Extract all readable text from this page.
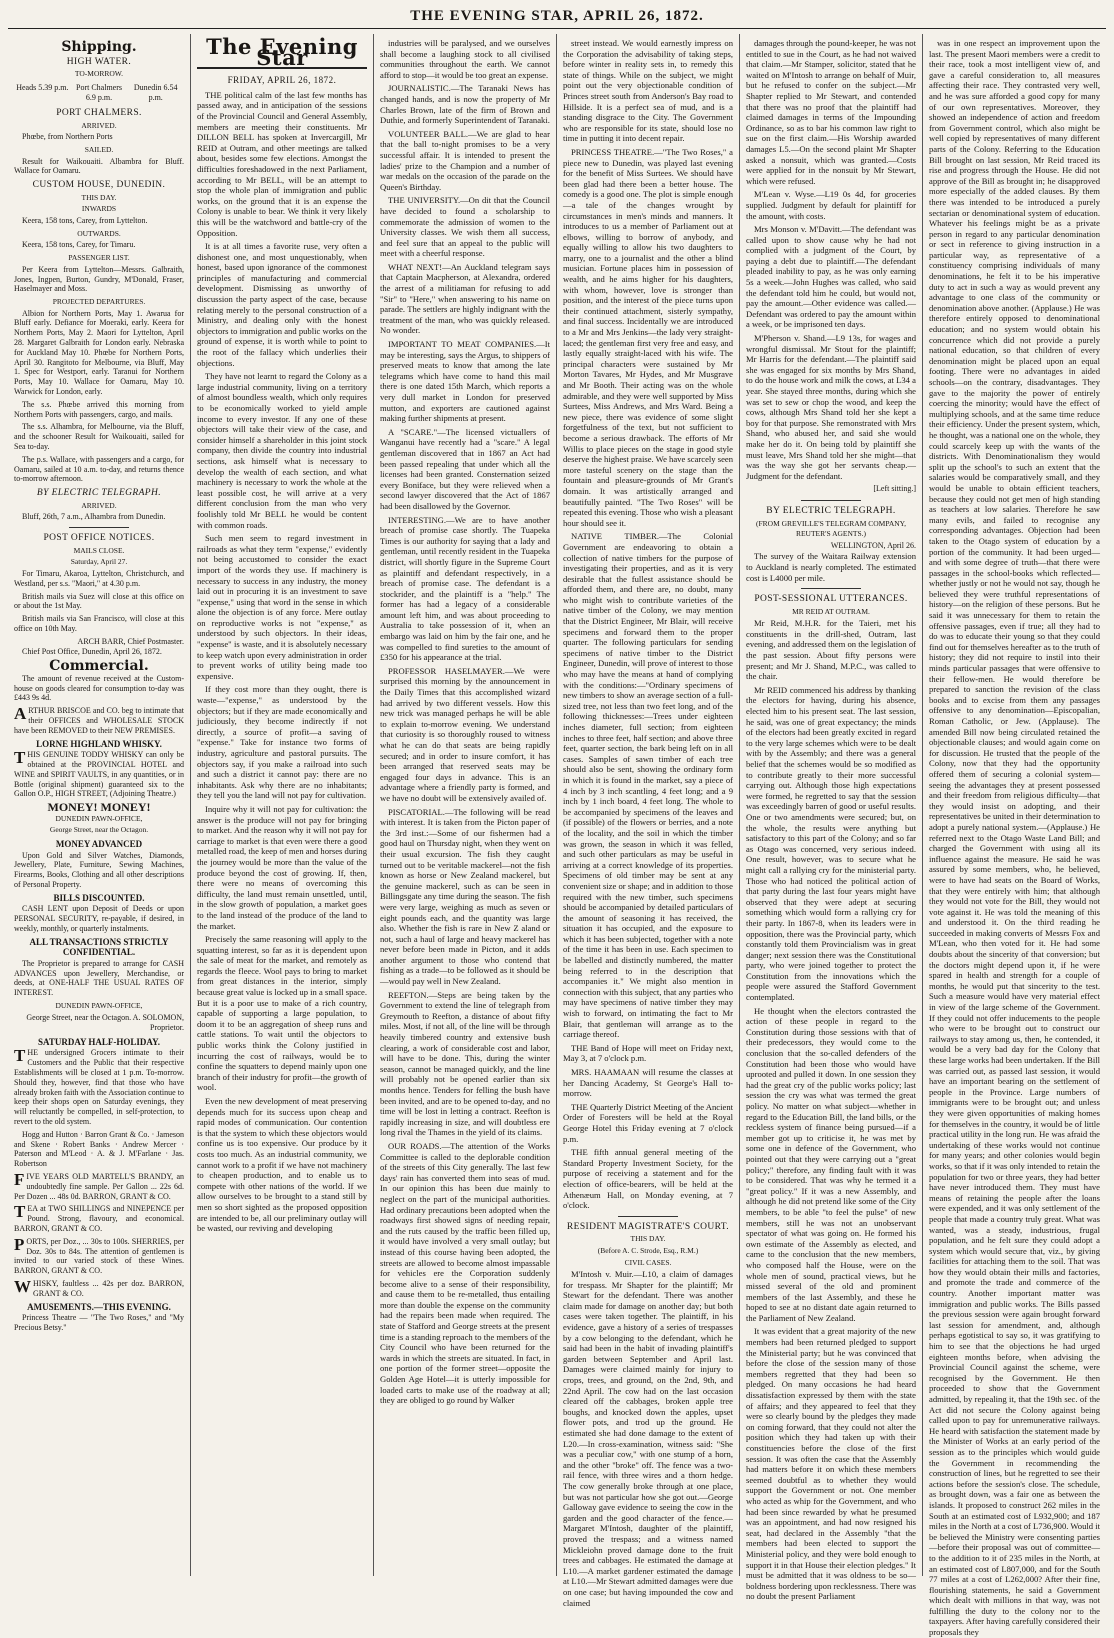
THE EVENING STAR, APRIL 26, 1872.
Shipping.
HIGH WATER.
TO-MORROW.
Heads 5.39 p.m. Port Chalmers 6.9 p.m.
Dunedin 6.54 p.m.
PORT CHALMERS.
ARRIVED.

Phœbe, from Northern Ports

SAILED.

Result for Waikouaiti. Albambra for Bluff. Wallace for Oamaru.

CUSTOM HOUSE, DUNEDIN.
THIS DAY.
INWARDS

Keera, 158 tons, Carey, from Lyttelton.

OUTWARDS.

Keera, 158 tons, Carey, for Timaru.

PASSENGER LIST.

Per Keera from Lyttelton—Messrs. Galbraith, Jones, Ingpen, Burton, Gundry, M'Donald, Fraser, Haselmayer and Moss.

PROJECTED DEPARTURES.

Albion for Northern Ports, May 1. Awarua for Bluff early. Defiance for Moeraki, early. Keera for Northern Ports, May 2. Maori for Lyttelton, April 28. Margaret Galbraith for London early. Nebraska for Auckland May 10. Phœbe for Northern Ports, April 30. Rangitoto for Melbourne, via Bluff, May 1. Spec for Westport, early. Taranui for Northern Ports, May 10. Wallace for Oamaru, May 10. Warwick for London, early.

The s.s. Phœbe arrived this morning from Northern Ports with passengers, cargo, and mails.

The s.s. Alhambra, for Melbourne, via the Bluff, and the schooner Result for Waikouaiti, sailed for Sea to-day.

The p.s. Wallace, with passengers and a cargo, for Oamaru, sailed at 10 a.m. to-day, and returns thence to-morrow afternoon.

BY ELECTRIC TELEGRAPH.
ARRIVED.

Bluff, 26th, 7 a.m., Alhambra from Dunedin.

POST OFFICE NOTICES.
MAILS CLOSE.
Saturday, April 27.

For Timaru, Akaroa, Lyttelton, Christchurch, and Westland, per s.s. "Maori," at 4.30 p.m.

British mails via Suez will close at this office on or about the 1st May.

British mails via San Francisco, will close at this office on 10th May.

ARCH BARR, Chief Postmaster.

Chief Post Office, Dunedin, April 26, 1872.

Commercial.

The amount of revenue received at the Custom-house on goods cleared for consumption to-day was £443 9s 4d.

ARTHUR BRISCOE and CO. beg to intimate that their OFFICES and WHOLESALE STOCK have been REMOVED to their NEW PREMISES.

LORNE HIGHLAND WHISKY.

THIS GENUINE TODDY WHISKY can only be obtained at the PROVINCIAL HOTEL and WINE and SPIRIT VAULTS, in any quantities, or in Bottle (original shipment) guaranteed six to the Gallon O.P., HIGH STREET, (Adjoining Theatre.)

MONEY! MONEY!
DUNEDIN PAWN-OFFICE,
George Street, near the Octagon.
MONEY ADVANCED

Upon Gold and Silver Watches, Diamonds, Jewellery, Plate, Furniture, Sewing Machines, Firearms, Books, Clothing and all other descriptions of Personal Property.

BILLS DISCOUNTED.

CASH LENT upon Deposit of Deeds or upon PERSONAL SECURITY, re-payable, if desired, in weekly, monthly, or quarterly instalments.

ALL TRANSACTIONS STRICTLY CONFIDENTIAL.

The Proprietor is prepared to arrange for CASH ADVANCES upon Jewellery, Merchandise, or deeds, at ONE-HALF THE USUAL RATES OF INTEREST.

DUNEDIN PAWN-OFFICE,
George Street, near the Octagon. A. SOLOMON, Proprietor.
SATURDAY HALF-HOLIDAY.

THE undersigned Grocers intimate to their Customers and the Public that their respective Establishments will be closed at 1 p.m. To-morrow. Should they, however, find that those who have already broken faith with the Association continue to keep their shops open on Saturday evenings, they will reluctantly be compelled, in self-protection, to revert to the old system.

Hogg and Hutton · Barron Grant & Co. · Jameson and Skene · Robert Banks · Andrew Mercer · Paterson and M'Leod · A. & J. M'Farlane · Jas. Robertson

FIVE YEARS OLD MARTELL'S BRANDY, an undoubtedly fine sample. Per Gallon ... 22s 6d. Per Dozen ... 48s 0d. BARRON, GRANT & CO.

TEA at TWO SHILLINGS and NINEPENCE per Pound. Strong, flavoury, and economical. BARRON, GRANT & CO.

PORTS, per Doz., ... 30s to 100s. SHERRIES, per Doz. 30s to 84s. The attention of gentlemen is invited to our varied stock of these Wines. BARRON, GRANT & CO.

WHISKY, faultless ... 42s per doz. BARRON, GRANT & CO.

AMUSEMENTS.—THIS EVENING.

Princess Theatre — "The Two Roses," and "My Precious Betsy."

The Evening Star
FRIDAY, APRIL 26, 1872.

THE political calm of the last few months has passed away, and in anticipation of the sessions of the Provincial Council and General Assembly, members are meeting their constituents. Mr DILLON BELL has spoken at Invercargill, Mr REID at Outram, and other meetings are talked about, besides some few elections. Amongst the difficulties foreshadowed in the next Parliament, according to Mr BELL, will be an attempt to stop the whole plan of immigration and public works, on the ground that it is an expense the Colony is unable to bear. We think it very likely this will be the watchword and battle-cry of the Opposition.

It is at all times a favorite ruse, very often a dishonest one, and most unquestionably, when honest, based upon ignorance of the commonest principles of manufacturing and commercial development. Dismissing as unworthy of discussion the party aspect of the case, because relating merely to the personal construction of a Ministry, and dealing only with the honest objectors to immigration and public works on the ground of expense, it is worth while to point to the root of the fallacy which underlies their objections.

They have not learnt to regard the Colony as a large industrial community, living on a territory of almost boundless wealth, which only requires to be economically worked to yield ample income to every investor. If any one of these objectors will take their view of the case, and consider himself a shareholder in this joint stock company, then divide the country into industrial sections, ask himself what is necessary to develop the wealth of each section, and what machinery is necessary to work the whole at the least possible cost, he will arrive at a very different conclusion from the man who very foolishly told Mr BELL he would be content with common roads.

Such men seem to regard investment in railroads as what they term "expense," evidently not being accustomed to consider the exact import of the words they use. If machinery is necessary to success in any industry, the money laid out in procuring it is an investment to save "expense," using that word in the sense in which alone the objection is of any force. Mere outlay on reproductive works is not "expense," as understood by such objectors. In their ideas, "expense" is waste, and it is absolutely necessary to keep watch upon every administration in order to prevent works of utility being made too expensive.

If they cost more than they ought, there is waste—"expense," as understood by the objectors; but if they are made economically and judiciously, they become indirectly if not directly, a source of profit—a saving of "expense." Take for instance two forms of industry, agriculture and pastoral pursuits. The objectors say, if you make a railroad into such and such a district it cannot pay: there are no inhabitants. Ask why there are no inhabitants; they tell you the land will not pay for cultivation.

Inquire why it will not pay for cultivation: the answer is the produce will not pay for bringing to market. And the reason why it will not pay for carriage to market is that even were there a good metalled road, the keep of men and horses during the journey would be more than the value of the produce beyond the cost of growing. If, then, there were no means of overcoming this difficulty, the land must remain unsettled, until, in the slow growth of population, a market goes to the land instead of the produce of the land to the market.

Precisely the same reasoning will apply to the squatting interest, so far as it is dependent upon the sale of meat for the market, and remotely as regards the fleece. Wool pays to bring to market from great distances in the interior, simply because great value is locked up in a small space. But it is a poor use to make of a rich country, capable of supporting a large population, to doom it to be an aggregation of sheep runs and cattle stations. To wait until the objectors to public works think the Colony justified in incurring the cost of railways, would be to confine the squatters to depend mainly upon one branch of their industry for profit—the growth of wool.

Even the new development of meat preserving depends much for its success upon cheap and rapid modes of communication. Our contention is that the system to which these objectors would confine us is too expensive. Our produce by it costs too much. As an industrial community, we cannot work to a profit if we have not machinery to cheapen production, and to enable us to compete with other nations of the world. If we allow ourselves to be brought to a stand still by men so short sighted as the proposed opposition are intended to be, all our preliminary outlay will be wasted, our reviving and developing

industries will be paralysed, and we ourselves shall become a laughing stock to all civilised communities throughout the earth. We cannot afford to stop—it would be too great an expense.

JOURNALISTIC.—The Taranaki News has changed hands, and is now the property of Mr Charles Brown, late of the firm of Brown and Duthie, and formerly Superintendent of Taranaki.

VOLUNTEER BALL.—We are glad to hear that the ball to-night promises to be a very successful affair. It is intended to present the ladies' prize to the Champion and a number of war medals on the occasion of the parade on the Queen's Birthday.

THE UNIVERSITY.—On dit that the Council have decided to found a scholarship to commemorate the admission of women to the University classes. We wish them all success, and feel sure that an appeal to the public will meet with a cheerful response.

WHAT NEXT!—An Auckland telegram says that Captain Macpherson, at Alexandra, ordered the arrest of a militiaman for refusing to add "Sir" to "Here," when answering to his name on parade. The settlers are highly indignant with the treatment of the man, who was quickly released. No wonder.

IMPORTANT TO MEAT COMPANIES.—It may be interesting, says the Argus, to shippers of preserved meats to know that among the late telegrams which have come to hand this mail there is one dated 15th March, which reports a very dull market in London for preserved mutton, and exporters are cautioned against making further shipments at present.

A "SCARE."—The licensed victuallers of Wanganui have recently had a "scare." A legal gentleman discovered that in 1867 an Act had been passed repealing that under which all the licenses had been granted. Consternation seized every Boniface, but they were relieved when a second lawyer discovered that the Act of 1867 had been disallowed by the Governor.

INTERESTING.—We are to have another breach of promise case shortly. The Tuapeka Times is our authority for saying that a lady and gentleman, until recently resident in the Tuapeka district, will shortly figure in the Supreme Court as plaintiff and defendant respectively, in a breach of promise case. The defendant is a stockrider, and the plaintiff is a "help." The former has had a legacy of a considerable amount left him, and was about proceeding to Australia to take possession of it, when an embargo was laid on him by the fair one, and he was compelled to find sureties to the amount of £350 for his appearance at the trial.

PROFESSOR HASELMAYER.—We were surprised this morning by the announcement in the Daily Times that this accomplished wizard had arrived by two different vessels. How this new trick was managed perhaps he will be able to explain to-morrow evening. We understand that curiosity is so thoroughly roused to witness what he can do that seats are being rapidly secured; and in order to insure comfort, it has been arranged that reserved seats may be engaged four days in advance. This is an advantage where a friendly party is formed, and we have no doubt will be extensively availed of.

PISCATORIAL.—The following will be read with interest. It is taken from the Picton paper of the 3rd inst.:—Some of our fishermen had a good haul on Thursday night, when they went on their usual excursion. The fish they caught turned out to be veritable mackerel—not the fish known as horse or New Zealand mackerel, but the genuine mackerel, such as can be seen in Billingsgate any time during the season. The fish were very large, weighing as much as seven or eight pounds each, and the quantity was large also. Whether the fish is rare in New Z aland or not, such a haul of large and heavy mackerel has never before been made in Picton, and it adds another argument to those who contend that fishing as a trade—to be followed as it should be—would pay well in New Zealand.

REEFTON.—Steps are being taken by the Government to extend the line of telegraph from Greymouth to Reefton, a distance of about fifty miles. Most, if not all, of the line will be through heavily timbered country and extensive bush clearing, a work of considerable cost and labor, will have to be done. This, during the winter season, cannot be managed quickly, and the line will probably not be opened earlier than six months hence. Tenders for felling the bush have been invited, and are to be opened to-day, and no time will be lost in letting a contract. Reefton is rapidly increasing in size, and will doubtless ere long rival the Thames in the yield of its claims.

OUR ROADS.—The attention of the Works Committee is called to the deplorable condition of the streets of this City generally. The last few days' rain has converted them into seas of mud. In our opinion this has been due mainly to neglect on the part of the municipal authorities. Had ordinary precautions been adopted when the roadways first showed signs of needing repair, and the ruts caused by the traffic been filled up, it would have involved a very small outlay; but instead of this course having been adopted, the streets are allowed to become almost impassable for vehicles ere the Corporation suddenly become alive to a sense of their responsibility, and cause them to be re-metalled, thus entailing more than double the expense on the community had the repairs been made when required. The state of Stafford and George streets at the present time is a standing reproach to the members of the City Council who have been returned for the wards in which the streets are situated. In fact, in one portion of the former street—opposite the Golden Age Hotel—it is utterly impossible for loaded carts to make use of the roadway at all; they are obliged to go round by Walker

street instead. We would earnestly impress on the Corporation the advisability of taking steps, before winter in reality sets in, to remedy this state of things. While on the subject, we might point out the very objectionable condition of Princes street south from Anderson's Bay road to Hillside. It is a perfect sea of mud, and is a standing disgrace to the City. The Government who are responsible for its state, should lose no time in putting it into decent repair.

PRINCESS THEATRE.—"The Two Roses," a piece new to Dunedin, was played last evening for the benefit of Miss Surtees. We should have been glad had there been a better house. The comedy is a good one. The plot is simple enough—a tale of the changes wrought by circumstances in men's minds and manners. It introduces to us a member of Parliament out at elbows, willing to borrow of anybody, and equally willing to allow his two daughters to marry, one to a journalist and the other a blind musician. Fortune places him in possession of wealth, and he aims higher for his daughters, with whom, however, love is stronger than position, and the interest of the piece turns upon their continued attachment, sisterly sympathy, and final success. Incidentally we are introduced to a Mr and Mrs Jenkins—the lady very straight-laced; the gentleman first very free and easy, and lastly equally straight-laced with his wife. The principal characters were sustained by Mr Morton Tavares, Mr Hydes, and Mr Musgrave and Mr Booth. Their acting was on the whole admirable, and they were well supported by Miss Surtees, Miss Andrews, and Mrs Ward. Being a new piece, there was evidence of some slight forgetfulness of the text, but not sufficient to become a serious drawback. The efforts of Mr Willis to place pieces on the stage in good style deserve the highest praise. We have scarcely seen more tasteful scenery on the stage than the fountain and pleasure-grounds of Mr Grant's domain. It was artistically arranged and beautifully painted. "The Two Roses" will be repeated this evening. Those who wish a pleasant hour should see it.

NATIVE TIMBER.—The Colonial Government are endeavoring to obtain a collection of native timbers for the purpose of investigating their properties, and as it is very desirable that the fullest assistance should be afforded them, and there are, no doubt, many who might wish to contribute varieties of the native timber of the Colony, we may mention that the District Engineer, Mr Blair, will receive specimens and forward them to the proper quarter. The following particulars for sending specimens of native timber to the District Engineer, Dunedin, will prove of interest to those who may have the means at hand of complying with the conditions:—"Ordinary specimens of new timbers to show an average section of a full-sized tree, not less than two feet long, and of the following thicknesses:—Trees under eighteen inches diameter, full section; from eighteen inches to three feet, half section; and above three feet, quarter section, the bark being left on in all cases. Samples of sawn timber of each tree should also be sent, showing the ordinary form in which it is found in the market, say a piece of 4 inch by 3 inch scantling, 4 feet long; and a 9 inch by 1 inch board, 4 feet long. The whole to be accompanied by specimens of the leaves and (if possible) of the flowers or berries, and a note of the locality, and the soil in which the timber was grown, the season in which it was felled, and such other particulars as may be useful in arriving at a correct knowledge of its properties. Specimens of old timber may be sent at any convenient size or shape; and in addition to those required with the new timber, such specimens should be accompanied by detailed particulars of the amount of seasoning it has received, the situation it has occupied, and the exposure to which it has been subjected, together with a note of the time it has been in use. Each specimen to be labelled and distinctly numbered, the matter being referred to in the description that accompanies it." We might also mention in connection with this subject, that any parties who may have specimens of native timber they may wish to forward, on intimating the fact to Mr Blair, that gentleman will arrange as to the carriage thereof.

THE Band of Hope will meet on Friday next, May 3, at 7 o'clock p.m.

MRS. HAAMAAN will resume the classes at her Dancing Academy, St George's Hall to-morrow.

THE Quarterly District Meeting of the Ancient Order of Foresters will be held at the Royal George Hotel this Friday evening at 7 o'clock p.m.

THE fifth annual general meeting of the Standard Property Investment Society, for the purpose of receiving a statement and for the election of office-bearers, will be held at the Athenæum Hall, on Monday evening, at 7 o'clock.

RESIDENT MAGISTRATE'S COURT.
THIS DAY.
(Before A. C. Strode, Esq., R.M.)
CIVIL CASES.

M'Intosh v. Muir.—L10, a claim of damages for trespass. Mr Shapter for the plaintiff; Mr Stewart for the defendant. There was another claim made for damage on another day; but both cases were taken together. The plaintiff, in his evidence, gave a history of a series of trespasses by a cow belonging to the defendant, which he said had been in the habit of invading plaintiff's garden between September and April last. Damages were claimed mainly for injury to crops, trees, and ground, on the 2nd, 9th, and 22nd April. The cow had on the last occasion cleared off the cabbages, broken apple tree boughs, and knocked down the apples, upset flower pots, and trod up the ground. He estimated she had done damage to the extent of L20.—In cross-examination, witness said: "She was a peculiar cow," with one stump of a horn, and the other "broke" off. The fence was a two-rail fence, with three wires and a thorn hedge. The cow generally broke through at one place, but was not particular how she got out.—George Galloway gave evidence to seeing the cow in the garden and the good character of the fence.—Margaret M'Intosh, daughter of the plaintiff, proved the trespass; and a witness named Mickleiohn proved damage done to the fruit trees and cabbages. He estimated the damage at L10.—A market gardener estimated the damage at L10.—Mr Stewart admitted damages were due on one case; but having impounded the cow and claimed

damages through the pound-keeper, he was not entitled to sue in the Court, as he had not waived that claim.—Mr Stamper, solicitor, stated that he waited on M'Intosh to arrange on behalf of Muir, but he refused to confer on the subject.—Mr Shapter replied to Mr Stewart, and contended that there was no proof that the plaintiff had claimed damages in terms of the Impounding Ordinance, so as to bar his common law right to sue on the first claim.—His Worship awarded damages L5.—On the second plaint Mr Shapter asked a nonsuit, which was granted.—Costs were applied for in the nonsuit by Mr Stewart, which were refused.

M'Lean v. Wyse.—L19 0s 4d, for groceries supplied. Judgment by default for plaintiff for the amount, with costs.

Mrs Monson v. M'Davitt.—The defendant was called upon to show cause why he had not complied with a judgment of the Court, by paying a debt due to plaintiff.—The defendant pleaded inability to pay, as he was only earning 5s a week.—John Hughes was called, who said the defendant told him he could, but would not, pay the amount.—Other evidence was called.—Defendant was ordered to pay the amount within a week, or be imprisoned ten days.

M'Pherson v. Shand.—L9 13s, for wages and wrongful dismissal. Mr Stout for the plaintiff; Mr Harris for the defendant.—The plaintiff said she was engaged for six months by Mrs Shand, to do the house work and milk the cows, at L34 a year. She stayed three months, during which she was set to sew or chop the wood, and keep the cows, although Mrs Shand told her she kept a boy for that purpose. She remonstrated with Mrs Shand, who abused her, and said she would make her do it. On being told by plaintiff she must leave, Mrs Shand told her she might—that was the way she got her servants cheap.—Judgment for the defendant.

[Left sitting.]
BY ELECTRIC TELEGRAPH.
(FROM GREVILLE'S TELEGRAM COMPANY, REUTER'S AGENTS.)
WELLINGTON, April 26.

The survey of the Waitara Railway extension to Auckland is nearly completed. The estimated cost is L4000 per mile.

POST-SESSIONAL UTTERANCES.
MR REID AT OUTRAM.

Mr Reid, M.H.R. for the Taieri, met his constituents in the drill-shed, Outram, last evening, and addressed them on the legislation of the past session. About fifty persons were present; and Mr J. Shand, M.P.C., was called to the chair.

Mr REID commenced his address by thanking the electors for having, during his absence, elected him to his present seat. The last session, he said, was one of great expectancy; the minds of the electors had been greatly excited in regard to the very large schemes which were to be dealt with by the Assembly; and there was a general belief that the schemes would be so modified as to contribute greatly to their more successful carrying out. Although those high expectations were formed, he regretted to say that the session was exceedingly barren of good or useful results. One or two amendments were secured; but, on the whole, the results were anything but satisfactory to this part of the Colony; and so far as Otago was concerned, very serious indeed. One result, however, was to secure what he might call a rallying cry for the ministerial party. Those who had noticed the political action of that party during the last four years might have observed that they were adept at securing something which would form a rallying cry for their party. In 1867-8, when its leaders were in opposition, there was the Provincial party, which constantly told them Provincialism was in great danger; next session there was the Constitutional party, who were joined together to protect the Constitution from the innovations which the people were assured the Stafford Government contemplated.

He thought when the electors contrasted the action of these people in regard to the Constitution during those sessions with that of their predecessors, they would come to the conclusion that the so-called defenders of the Constitution had been those who would have uprooted and pulled it down. In one session they had the great cry of the public works policy; last session the cry was what was termed the great policy. No matter on what subject—whether in regard to the Education Bill, the land bills, or the reckless system of finance being pursued—if a member got up to criticise it, he was met by some one in defence of the Government, who pointed out that they were carrying out a "great policy;" therefore, any finding fault with it was to be considered. That was why he termed it a "great policy." If it was a new Assembly, and although he did not pretend like some of the City members, to be able "to feel the pulse" of new members, still he was not an unobservant spectator of what was going on. He formed his own estimate of the Assembly as elected, and came to the conclusion that the new members, who composed half the House, were on the whole men of sound, practical views, but he missed several of the old and prominent members of the last Assembly, and these he hoped to see at no distant date again returned to the Parliament of New Zealand.

It was evident that a great majority of the new members had been returned pledged to support the Ministerial party; but he was convinced that before the close of the session many of those members regretted that they had been so pledged. On many occasions he had heard dissatisfaction expressed by them with the state of affairs; and they appeared to feel that they were so clearly bound by the pledges they made on coming forward, that they could not alter the position which they had taken up with their constituencies before the close of the first session. It was often the case that the Assembly had matters before it on which these members seemed doubtful as to whether they would support the Government or not. One member who acted as whip for the Government, and who had been since rewarded by what he presumed was an appointment, and had now resigned his seat, had declared in the Assembly "that the members had been elected to support the Ministerial policy, and they were bold enough to support it in that House their election pledges." It must be admitted that it was oldness to be so—boldness bordering upon recklessness. There was no doubt the present Parliament

was in one respect an improvement upon the last. The present Maori members were a credit to their race, took a most intelligent view of, and gave a careful consideration to, all measures affecting their race. They contrasted very well, and he was sure afforded a good copy for many of our own representatives. Moreover, they showed an independence of action and freedom from Government control, which also might be well copied by representatives of many different parts of the Colony. Referring to the Education Bill brought on last session, Mr Reid traced its rise and progress through the House. He did not approve of the Bill as brought in; he disapproved more especially of the added clauses. By them there was intended to be introduced a purely sectarian or denominational system of education. Whatever his feelings might be as a private person in regard to any particular denomination or sect in reference to giving instruction in a particular way, as representative of a constituency comprising individuals of many denominations, he felt it to be his imperative duty to act in such a way as would prevent any advantage to one class of the community or denomination above another. (Applause.) He was therefore entirely opposed to denominational education; and no system would obtain his concurrence which did not provide a purely national education, so that children of every denomination might be placed upon an equal footing. There were no advantages in aided schools—on the contrary, disadvantages. They gave to the majority the power of entirely coercing the minority; would have the effect of multiplying schools, and at the same time reduce their efficiency. Under the present system, which, he thought, was a national one on the whole, they could scarcely keep up with the wants of the districts. With Denominationalism they would split up the school's to such an extent that the salaries would be comparatively small, and they would be unable to obtain efficient teachers, because they could not get men of high standing as teachers at low salaries. Therefore he saw many evils, and failed to recognise any corresponding advantages. Objection had been taken to the Otago system of education by a portion of the community. It had been urged—and with some degree of truth—that there were passages in the school-books which reflected—whether justly or not he would not say, though he believed they were truthful representations of history—on the religion of these persons. But he said it was unnecessary for them to retain the offensive passages, even if true; all they had to do was to educate their young so that they could find out for themselves hereafter as to the truth of history; they did not require to instil into their minds particular passages that were offensive to their fellow-men. He would therefore be prepared to sanction the revision of the class books and to excise from them any passages offensive to any denomination—Episcopalian, Roman Catholic, or Jew. (Applause). The amended Bill now being circulated retained the objectionable clauses; and would again come on for discussion. He trusted that the people of the Colony, now that they had the opportunity offered them of securing a colonial system—seeing the advantages they at present possessed and their freedom from religious difficulty—that they would insist on adopting, and their representatives be united in their determination to adopt a purely national system.—(Applause.) He referred next to the Otago Waste Land Bill; and charged the Government with using all its influence against the measure. He said he was assured by some members, who, he believed, were to have had seats on the Board of Works, that they were entirely with him; that although they would not vote for the Bill, they would not vote against it. He was told the meaning of this and understood it. On the third reading he succeeded in making converts of Messrs Fox and M'Lean, who then voted for it. He had some doubts about the sincerity of that conversion; but the doctors might depend upon it, if he were spared in health and strength for a couple of months, he would put that sincerity to the test. Such a measure would have very material effect in view of the large scheme of the Government. If they could not offer inducements to the people who were to be brought out to construct our railways to stay among us, then, he contended, it would be a very bad day for the Colony that these large works had been undertaken. If the Bill was carried out, as passed last session, it would have an important bearing on the settlement of people in the Province. Large numbers of immigrants were to be brought out; and unless they were given opportunities of making homes for themselves in the country, it would be of little practical utility in the long run. He was afraid the undertaking of these works would not continue for many years; and other colonies would begin works, so that if it was only intended to retain the population for two or three years, they had better have never introduced them. They must have means of retaining the people after the loans were expended, and it was only settlement of the people that made a country truly great. What was wanted, was a steady, industrious, frugal population, and he felt sure they could adopt a system which would secure that, viz., by giving facilities for attaching them to the soil. That was how they would obtain their mills and factories, and promote the trade and commerce of the country. Another important matter was immigration and public works. The Bills passed the previous session were again brought forward last session for amendment, and, although perhaps egotistical to say so, it was gratifying to him to see that the objections he had urged eighteen months before, when advising the Provincial Council against the scheme, were recognised by the Government. He then proceeded to show that the Government admitted, by repealing it, that the 19th sec. of the Act did not secure the Colony against being called upon to pay for unremunerative railways. He heard with satisfaction the statement made by the Minister of Works at an early period of the session as to the principles which would guide the Government in recommending the construction of lines, but he regretted to see their actions before the session's close. The schedule, as brought down, was a fair one as between the islands. It proposed to construct 262 miles in the South at an estimated cost of L932,900; and 187 miles in the North at a cost of L736,900. Would it be believed the Ministry were consenting parties—before their proposal was out of committee—to the addition to it of 235 miles in the North, at an estimated cost of L807,000, and for the South 77 miles at a cost of L262,000? After their fine, flourishing statements, he said a Government which dealt with millions in that way, was not fulfilling the duty to the colony nor to the taxpayers. After having carefully considered their proposals they
